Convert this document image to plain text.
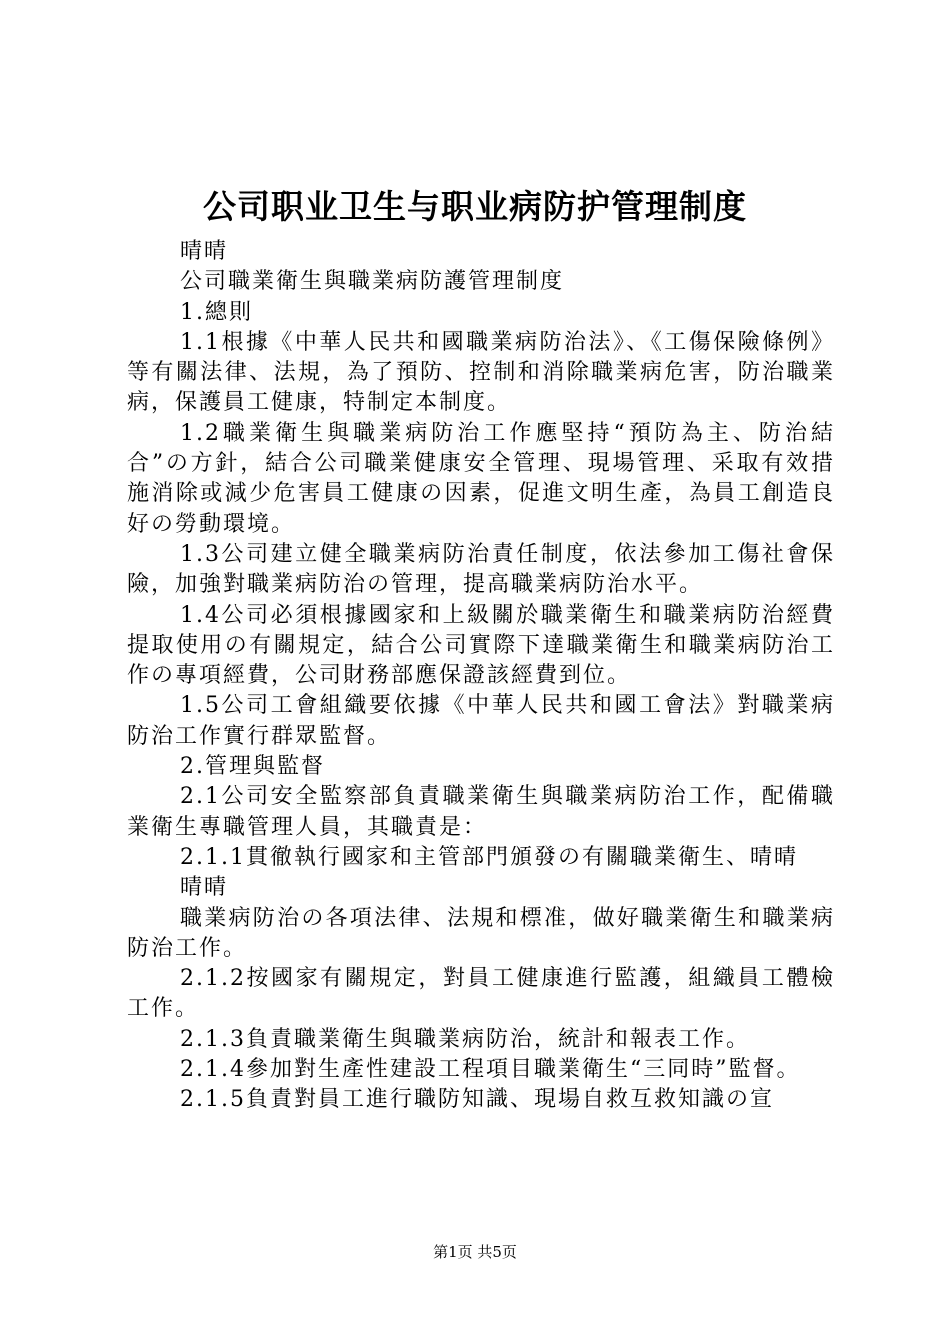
公司职业卫生与职业病防护管理制度

晴晴

公司職業衛生與職業病防護管理制度

1.總則

1.1根據《中華人民共和國職業病防治法》、《工傷保險條例》等有關法律、法規，為了預防、控制和消除職業病危害，防治職業病，保護員工健康，特制定本制度。

1.2職業衛生與職業病防治工作應堅持“預防為主、防治結合”の方針，結合公司職業健康安全管理、現場管理、采取有效措施消除或減少危害員工健康の因素，促進文明生產，為員工創造良好の勞動環境。

1.3公司建立健全職業病防治責任制度，依法參加工傷社會保險，加強對職業病防治の管理，提高職業病防治水平。

1.4公司必須根據國家和上級關於職業衛生和職業病防治經費提取使用の有關規定，結合公司實際下達職業衛生和職業病防治工作の專項經費，公司財務部應保證該經費到位。

1.5公司工會組織要依據《中華人民共和國工會法》對職業病防治工作實行群眾監督。

2.管理與監督

2.1公司安全監察部負責職業衛生與職業病防治工作，配備職業衛生專職管理人員，其職責是：

2.1.1貫徹執行國家和主管部門頒發の有關職業衛生、晴晴

晴晴

職業病防治の各項法律、法規和標准，做好職業衛生和職業病防治工作。

2.1.2按國家有關規定，對員工健康進行監護，組織員工體檢工作。

2.1.3負責職業衛生與職業病防治，統計和報表工作。

2.1.4參加對生產性建設工程項目職業衛生“三同時”監督。

2.1.5負責對員工進行職防知識、現場自救互救知識の宣

第1页 共5页
